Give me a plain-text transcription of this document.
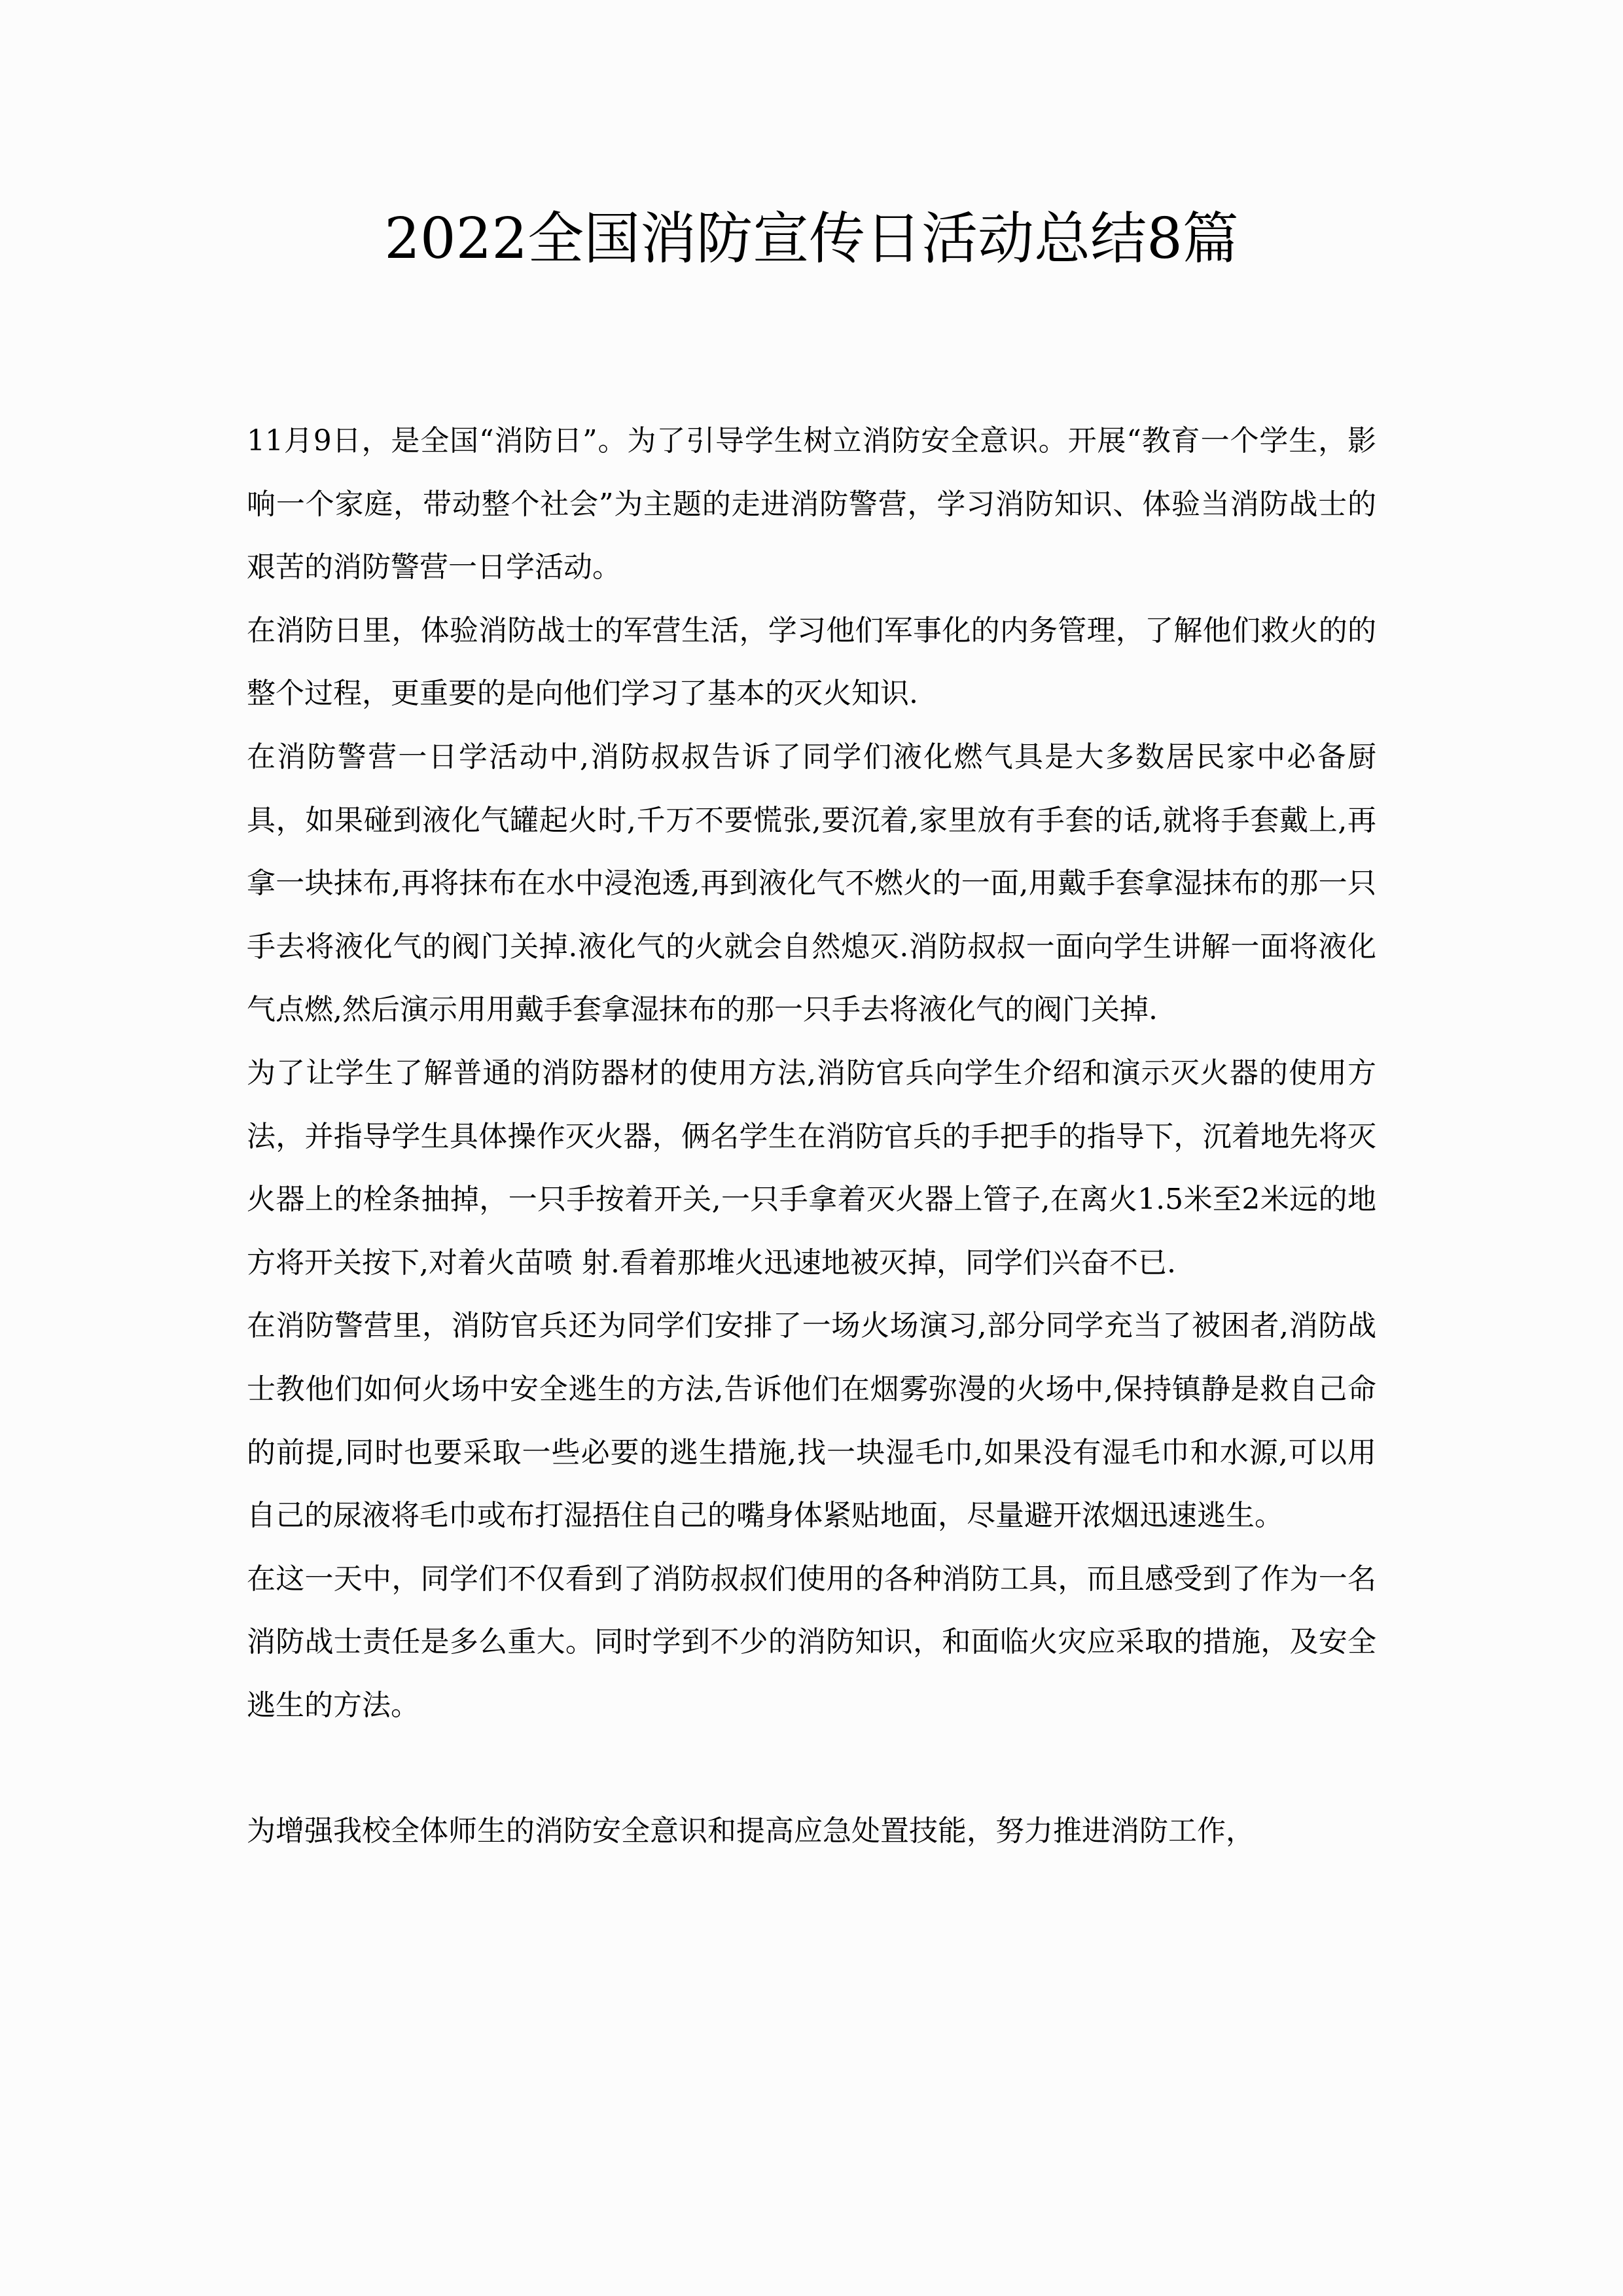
2022全国消防宣传日活动总结8篇

11月9日，是全国“消防日”。为了引导学生树立消防安全意识。开展“教育一个学生，影响一个家庭，带动整个社会”为主题的走进消防警营，学习消防知识、体验当消防战士的艰苦的消防警营一日学活动。

在消防日里，体验消防战士的军营生活，学习他们军事化的内务管理，了解他们救火的的整个过程，更重要的是向他们学习了基本的灭火知识.

在消防警营一日学活动中,消防叔叔告诉了同学们液化燃气具是大多数居民家中必备厨具，如果碰到液化气罐起火时,千万不要慌张,要沉着,家里放有手套的话,就将手套戴上,再拿一块抹布,再将抹布在水中浸泡透,再到液化气不燃火的一面,用戴手套拿湿抹布的那一只手去将液化气的阀门关掉.液化气的火就会自然熄灭.消防叔叔一面向学生讲解一面将液化气点燃,然后演示用用戴手套拿湿抹布的那一只手去将液化气的阀门关掉.

为了让学生了解普通的消防器材的使用方法,消防官兵向学生介绍和演示灭火器的使用方法，并指导学生具体操作灭火器，俩名学生在消防官兵的手把手的指导下，沉着地先将灭火器上的栓条抽掉，一只手按着开关,一只手拿着灭火器上管子,在离火1.5米至2米远的地方将开关按下,对着火苗喷 射.看着那堆火迅速地被灭掉，同学们兴奋不已.

在消防警营里，消防官兵还为同学们安排了一场火场演习,部分同学充当了被困者,消防战士教他们如何火场中安全逃生的方法,告诉他们在烟雾弥漫的火场中,保持镇静是救自己命的前提,同时也要采取一些必要的逃生措施,找一块湿毛巾,如果没有湿毛巾和水源,可以用自己的尿液将毛巾或布打湿捂住自己的嘴身体紧贴地面，尽量避开浓烟迅速逃生。

在这一天中，同学们不仅看到了消防叔叔们使用的各种消防工具，而且感受到了作为一名消防战士责任是多么重大。同时学到不少的消防知识，和面临火灾应采取的措施，及安全逃生的方法。

为增强我校全体师生的消防安全意识和提高应急处置技能，努力推进消防工作，
